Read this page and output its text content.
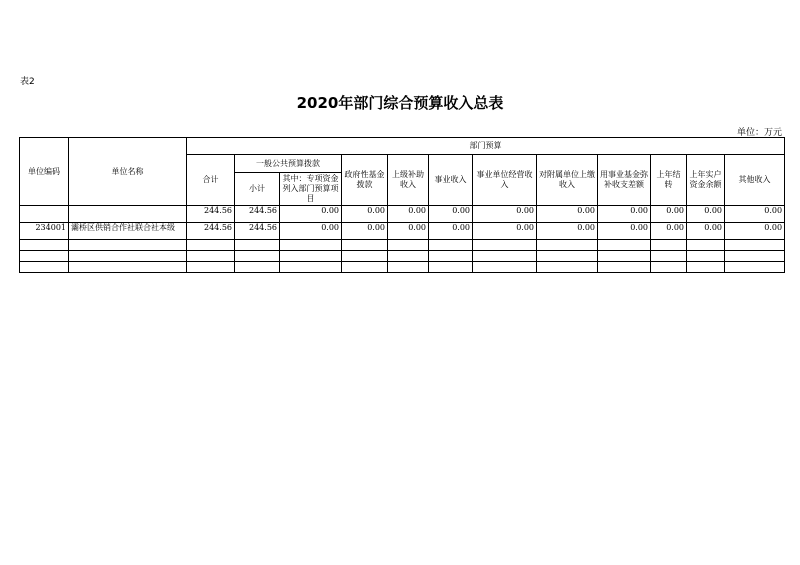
表2
2020年部门综合预算收入总表
单位：万元
单位编码	单位名称	部门预算											
		合计	一般公共预算拨款		政府性基金拨款	上级补助收入	事业收入	事业单位经营收入	对附属单位上缴收入	用事业基金弥补收支差额	上年结转	上年实户资金余额	其他收入
			小计	其中：专项资金列入部门预算项目									
		244.56	244.56	0.00	0.00	0.00	0.00	0.00	0.00	0.00	0.00	0.00	0.00
234001	灞桥区供销合作社联合社本级	244.56	244.56	0.00	0.00	0.00	0.00	0.00	0.00	0.00	0.00	0.00	0.00
